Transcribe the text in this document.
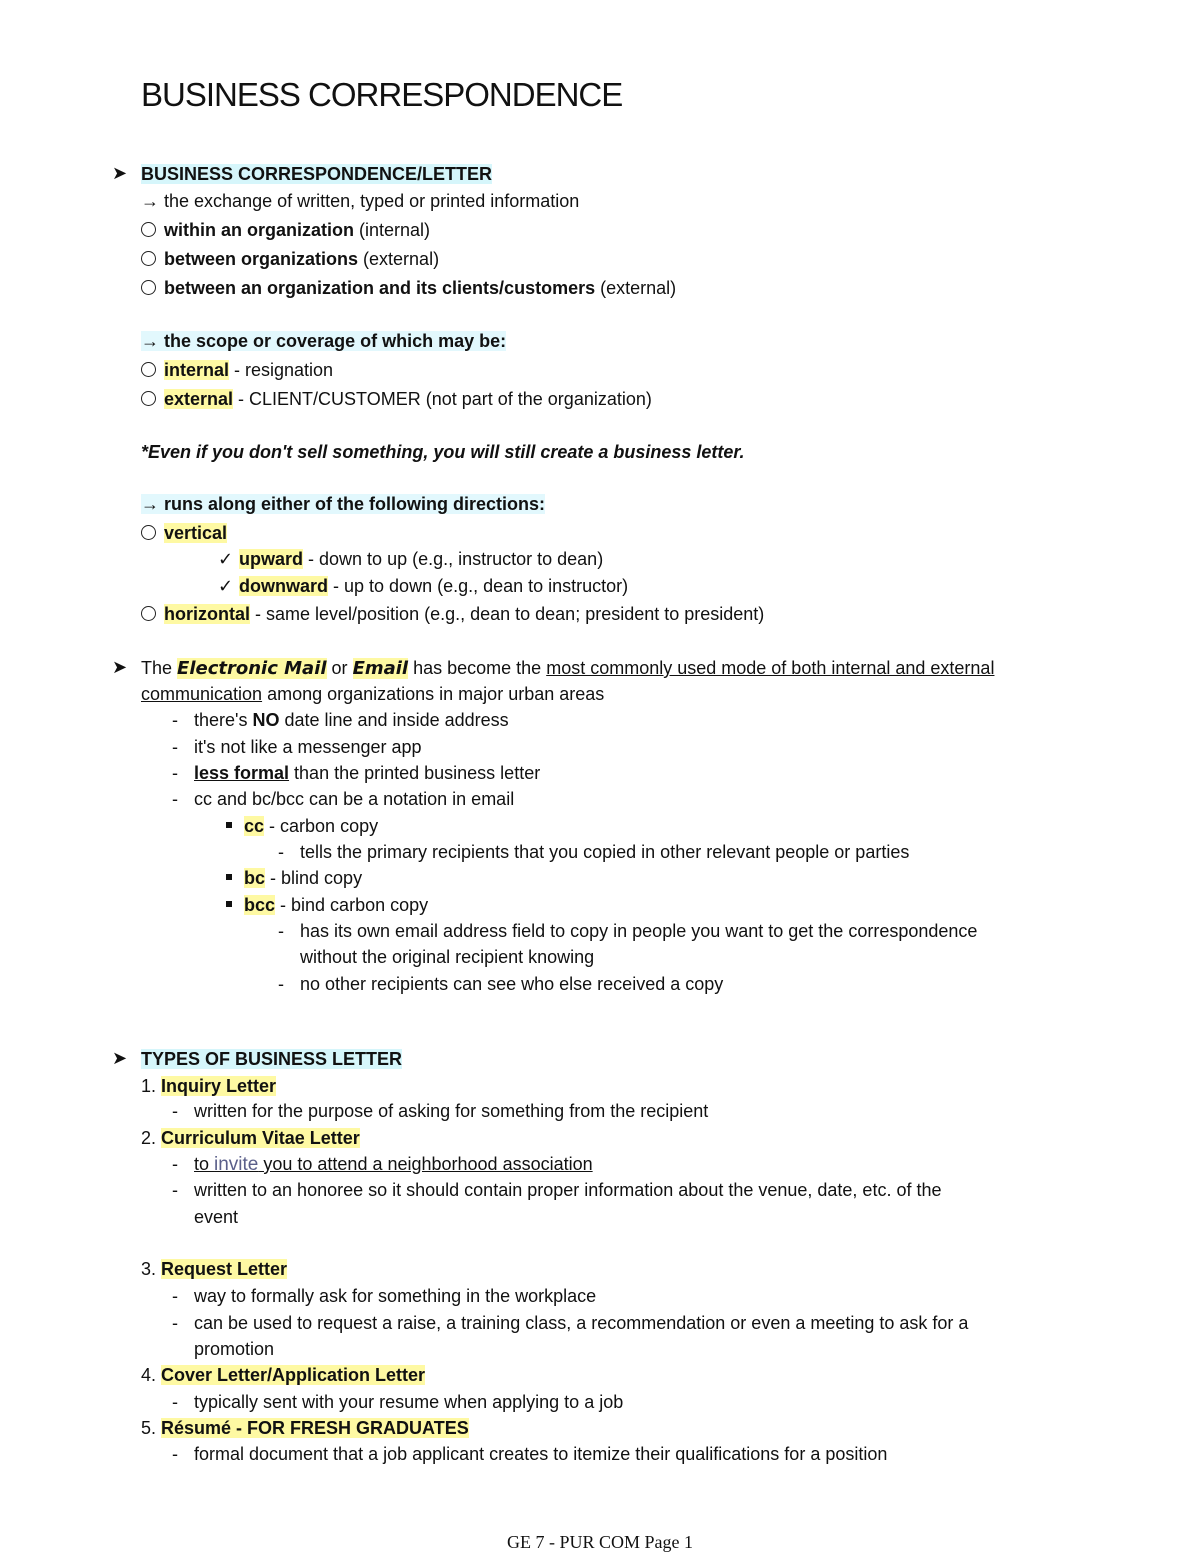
BUSINESS CORRESPONDENCE
➤ BUSINESS CORRESPONDENCE/LETTER
→ the exchange of written, typed or printed information
within an organization (internal)
between organizations (external)
between an organization and its clients/customers (external)
→ the scope or coverage of which may be:
internal - resignation
external - CLIENT/CUSTOMER (not part of the organization)
*Even if you don't sell something, you will still create a business letter.
→ runs along either of the following directions:
vertical
✓ upward - down to up (e.g., instructor to dean)
✓ downward - up to down (e.g., dean to instructor)
horizontal - same level/position (e.g., dean to dean; president to president)
➤ The Electronic Mail or Email has become the most commonly used mode of both internal and external
communication among organizations in major urban areas
- there's NO date line and inside address
- it's not like a messenger app
- less formal than the printed business letter
- cc and bc/bcc can be a notation in email
cc - carbon copy
- tells the primary recipients that you copied in other relevant people or parties
bc - blind copy
bcc - bind carbon copy
- has its own email address field to copy in people you want to get the correspondence
without the original recipient knowing
- no other recipients can see who else received a copy
➤ TYPES OF BUSINESS LETTER
1. Inquiry Letter
- written for the purpose of asking for something from the recipient
2. Curriculum Vitae Letter
- to invite you to attend a neighborhood association
- written to an honoree so it should contain proper information about the venue, date, etc. of the
event
3. Request Letter
- way to formally ask for something in the workplace
- can be used to request a raise, a training class, a recommendation or even a meeting to ask for a
promotion
4. Cover Letter/Application Letter
- typically sent with your resume when applying to a job
5. Résumé - FOR FRESH GRADUATES
- formal document that a job applicant creates to itemize their qualifications for a position
GE 7 - PUR COM Page 1
